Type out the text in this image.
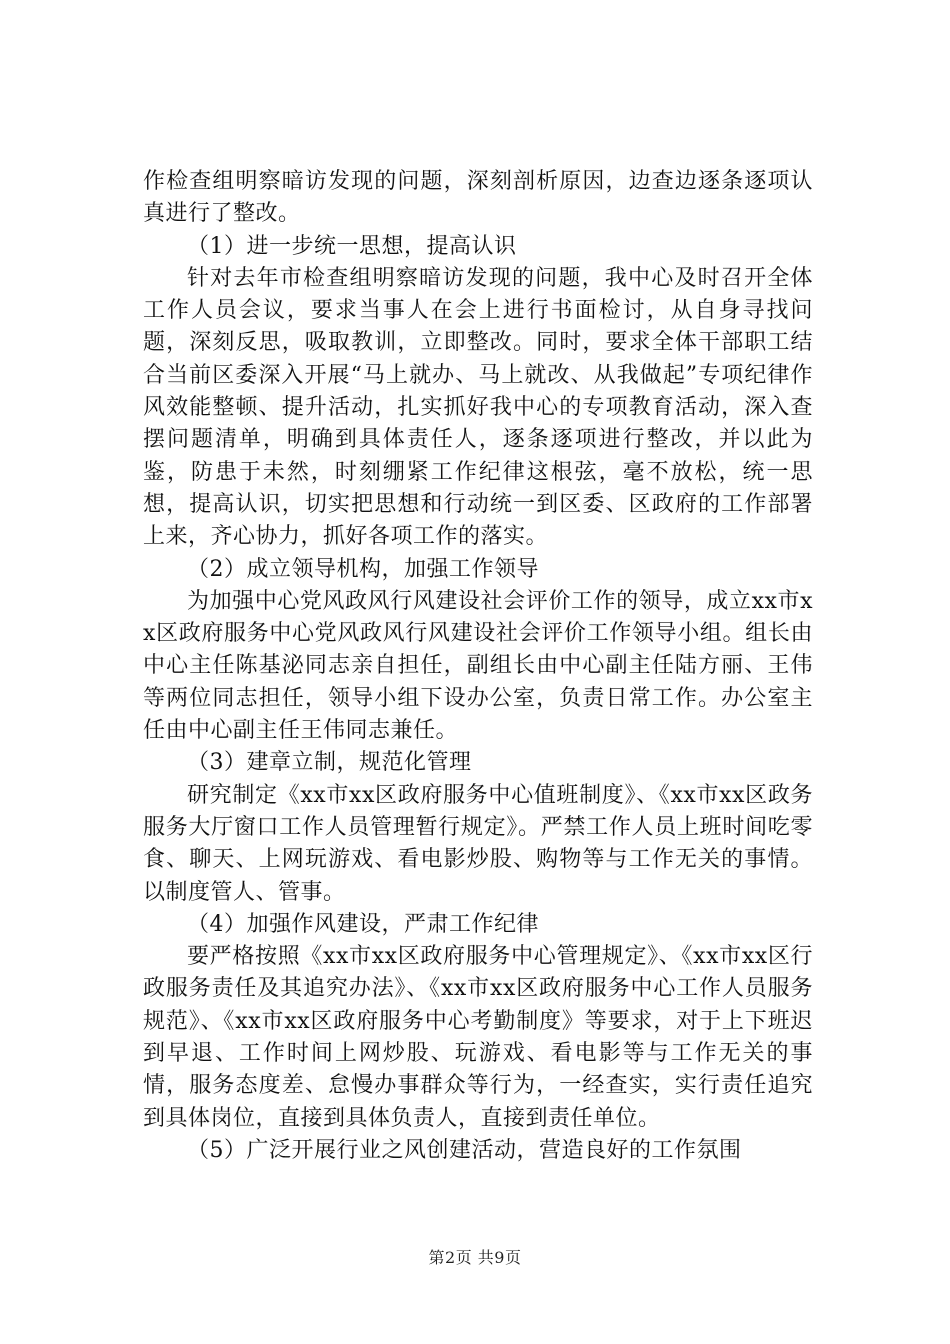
作检查组明察暗访发现的问题，深刻剖析原因，边查边逐条逐项认真进行了整改。

（1）进一步统一思想，提高认识

针对去年市检查组明察暗访发现的问题，我中心及时召开全体工作人员会议，要求当事人在会上进行书面检讨，从自身寻找问题，深刻反思，吸取教训，立即整改。同时，要求全体干部职工结合当前区委深入开展“马上就办、马上就改、从我做起”专项纪律作风效能整顿、提升活动，扎实抓好我中心的专项教育活动，深入查摆问题清单，明确到具体责任人，逐条逐项进行整改，并以此为鉴，防患于未然，时刻绷紧工作纪律这根弦，毫不放松，统一思想，提高认识，切实把思想和行动统一到区委、区政府的工作部署上来，齐心协力，抓好各项工作的落实。

（2）成立领导机构，加强工作领导

为加强中心党风政风行风建设社会评价工作的领导，成立xx市xx区政府服务中心党风政风行风建设社会评价工作领导小组。组长由中心主任陈基泌同志亲自担任，副组长由中心副主任陆方丽、王伟等两位同志担任，领导小组下设办公室，负责日常工作。办公室主任由中心副主任王伟同志兼任。

（3）建章立制，规范化管理

研究制定《xx市xx区政府服务中心值班制度》、《xx市xx区政务服务大厅窗口工作人员管理暂行规定》。严禁工作人员上班时间吃零食、聊天、上网玩游戏、看电影炒股、购物等与工作无关的事情。以制度管人、管事。

（4）加强作风建设，严肃工作纪律

要严格按照《xx市xx区政府服务中心管理规定》、《xx市xx区行政服务责任及其追究办法》、《xx市xx区政府服务中心工作人员服务规范》、《xx市xx区政府服务中心考勤制度》等要求，对于上下班迟到早退、工作时间上网炒股、玩游戏、看电影等与工作无关的事情，服务态度差、怠慢办事群众等行为，一经查实，实行责任追究到具体岗位，直接到具体负责人，直接到责任单位。

（5）广泛开展行业之风创建活动，营造良好的工作氛围

第2页 共9页
